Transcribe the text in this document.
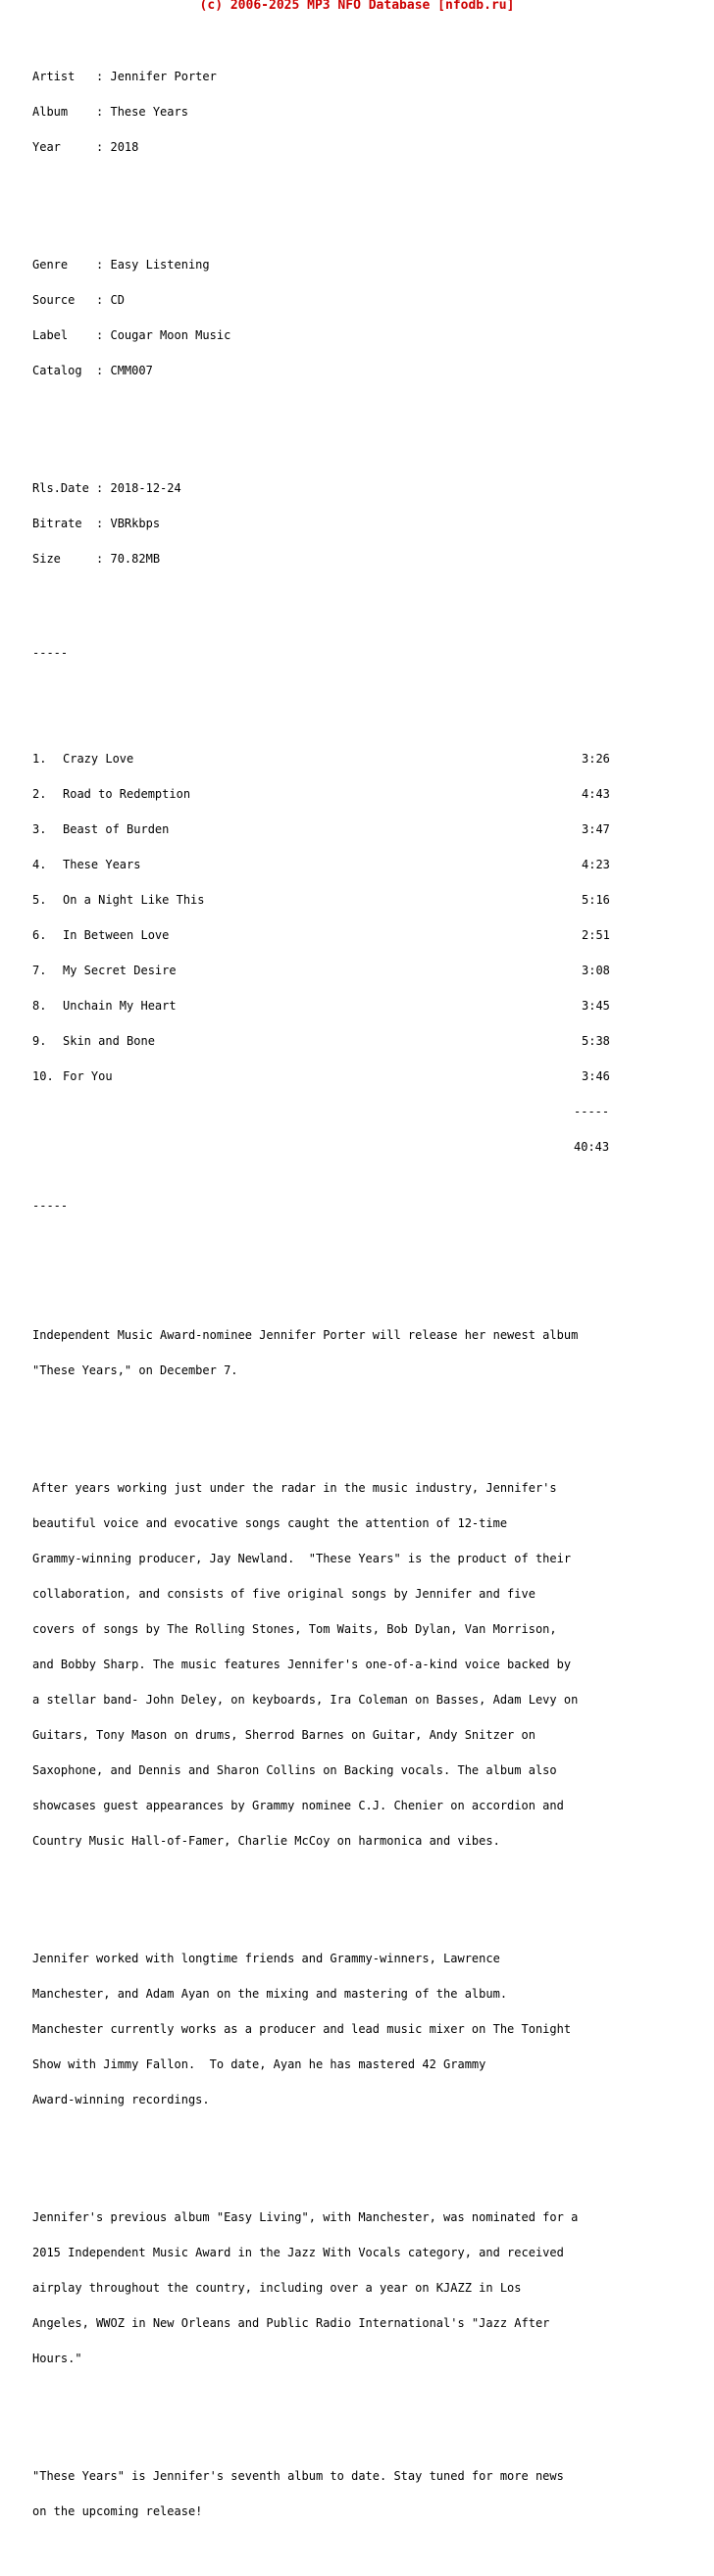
(c) 2006-2025 MP3 NFO Database [nfodb.ru]

Artist   : Jennifer Porter

Album    : These Years

Year     : 2018

Genre    : Easy Listening

Source   : CD

Label    : Cougar Moon Music

Catalog  : CMM007

Rls.Date : 2018-12-24

Bitrate  : VBRkbps

Size     : 70.82MB

-----

1. Crazy Love	3:26

2. Road to Redemption	4:43

3. Beast of Burden	3:47

4. These Years	4:23

5. On a Night Like This	5:16

6. In Between Love	2:51

7. My Secret Desire	3:08

8. Unchain My Heart	3:45

9. Skin and Bone	5:38

10. For You	3:46

-----

40:43

-----

Independent Music Award-nominee Jennifer Porter will release her newest album

"These Years," on December 7.

After years working just under the radar in the music industry, Jennifer's

beautiful voice and evocative songs caught the attention of 12-time

Grammy-winning producer, Jay Newland.  "These Years" is the product of their

collaboration, and consists of five original songs by Jennifer and five

covers of songs by The Rolling Stones, Tom Waits, Bob Dylan, Van Morrison,

and Bobby Sharp. The music features Jennifer's one-of-a-kind voice backed by

a stellar band- John Deley, on keyboards, Ira Coleman on Basses, Adam Levy on

Guitars, Tony Mason on drums, Sherrod Barnes on Guitar, Andy Snitzer on

Saxophone, and Dennis and Sharon Collins on Backing vocals. The album also

showcases guest appearances by Grammy nominee C.J. Chenier on accordion and

Country Music Hall-of-Famer, Charlie McCoy on harmonica and vibes.

Jennifer worked with longtime friends and Grammy-winners, Lawrence

Manchester, and Adam Ayan on the mixing and mastering of the album.

Manchester currently works as a producer and lead music mixer on The Tonight

Show with Jimmy Fallon.  To date, Ayan he has mastered 42 Grammy

Award-winning recordings.

Jennifer's previous album "Easy Living", with Manchester, was nominated for a

2015 Independent Music Award in the Jazz With Vocals category, and received

airplay throughout the country, including over a year on KJAZZ in Los

Angeles, WWOZ in New Orleans and Public Radio International's "Jazz After

Hours."

"These Years" is Jennifer's seventh album to date. Stay tuned for more news

on the upcoming release!
